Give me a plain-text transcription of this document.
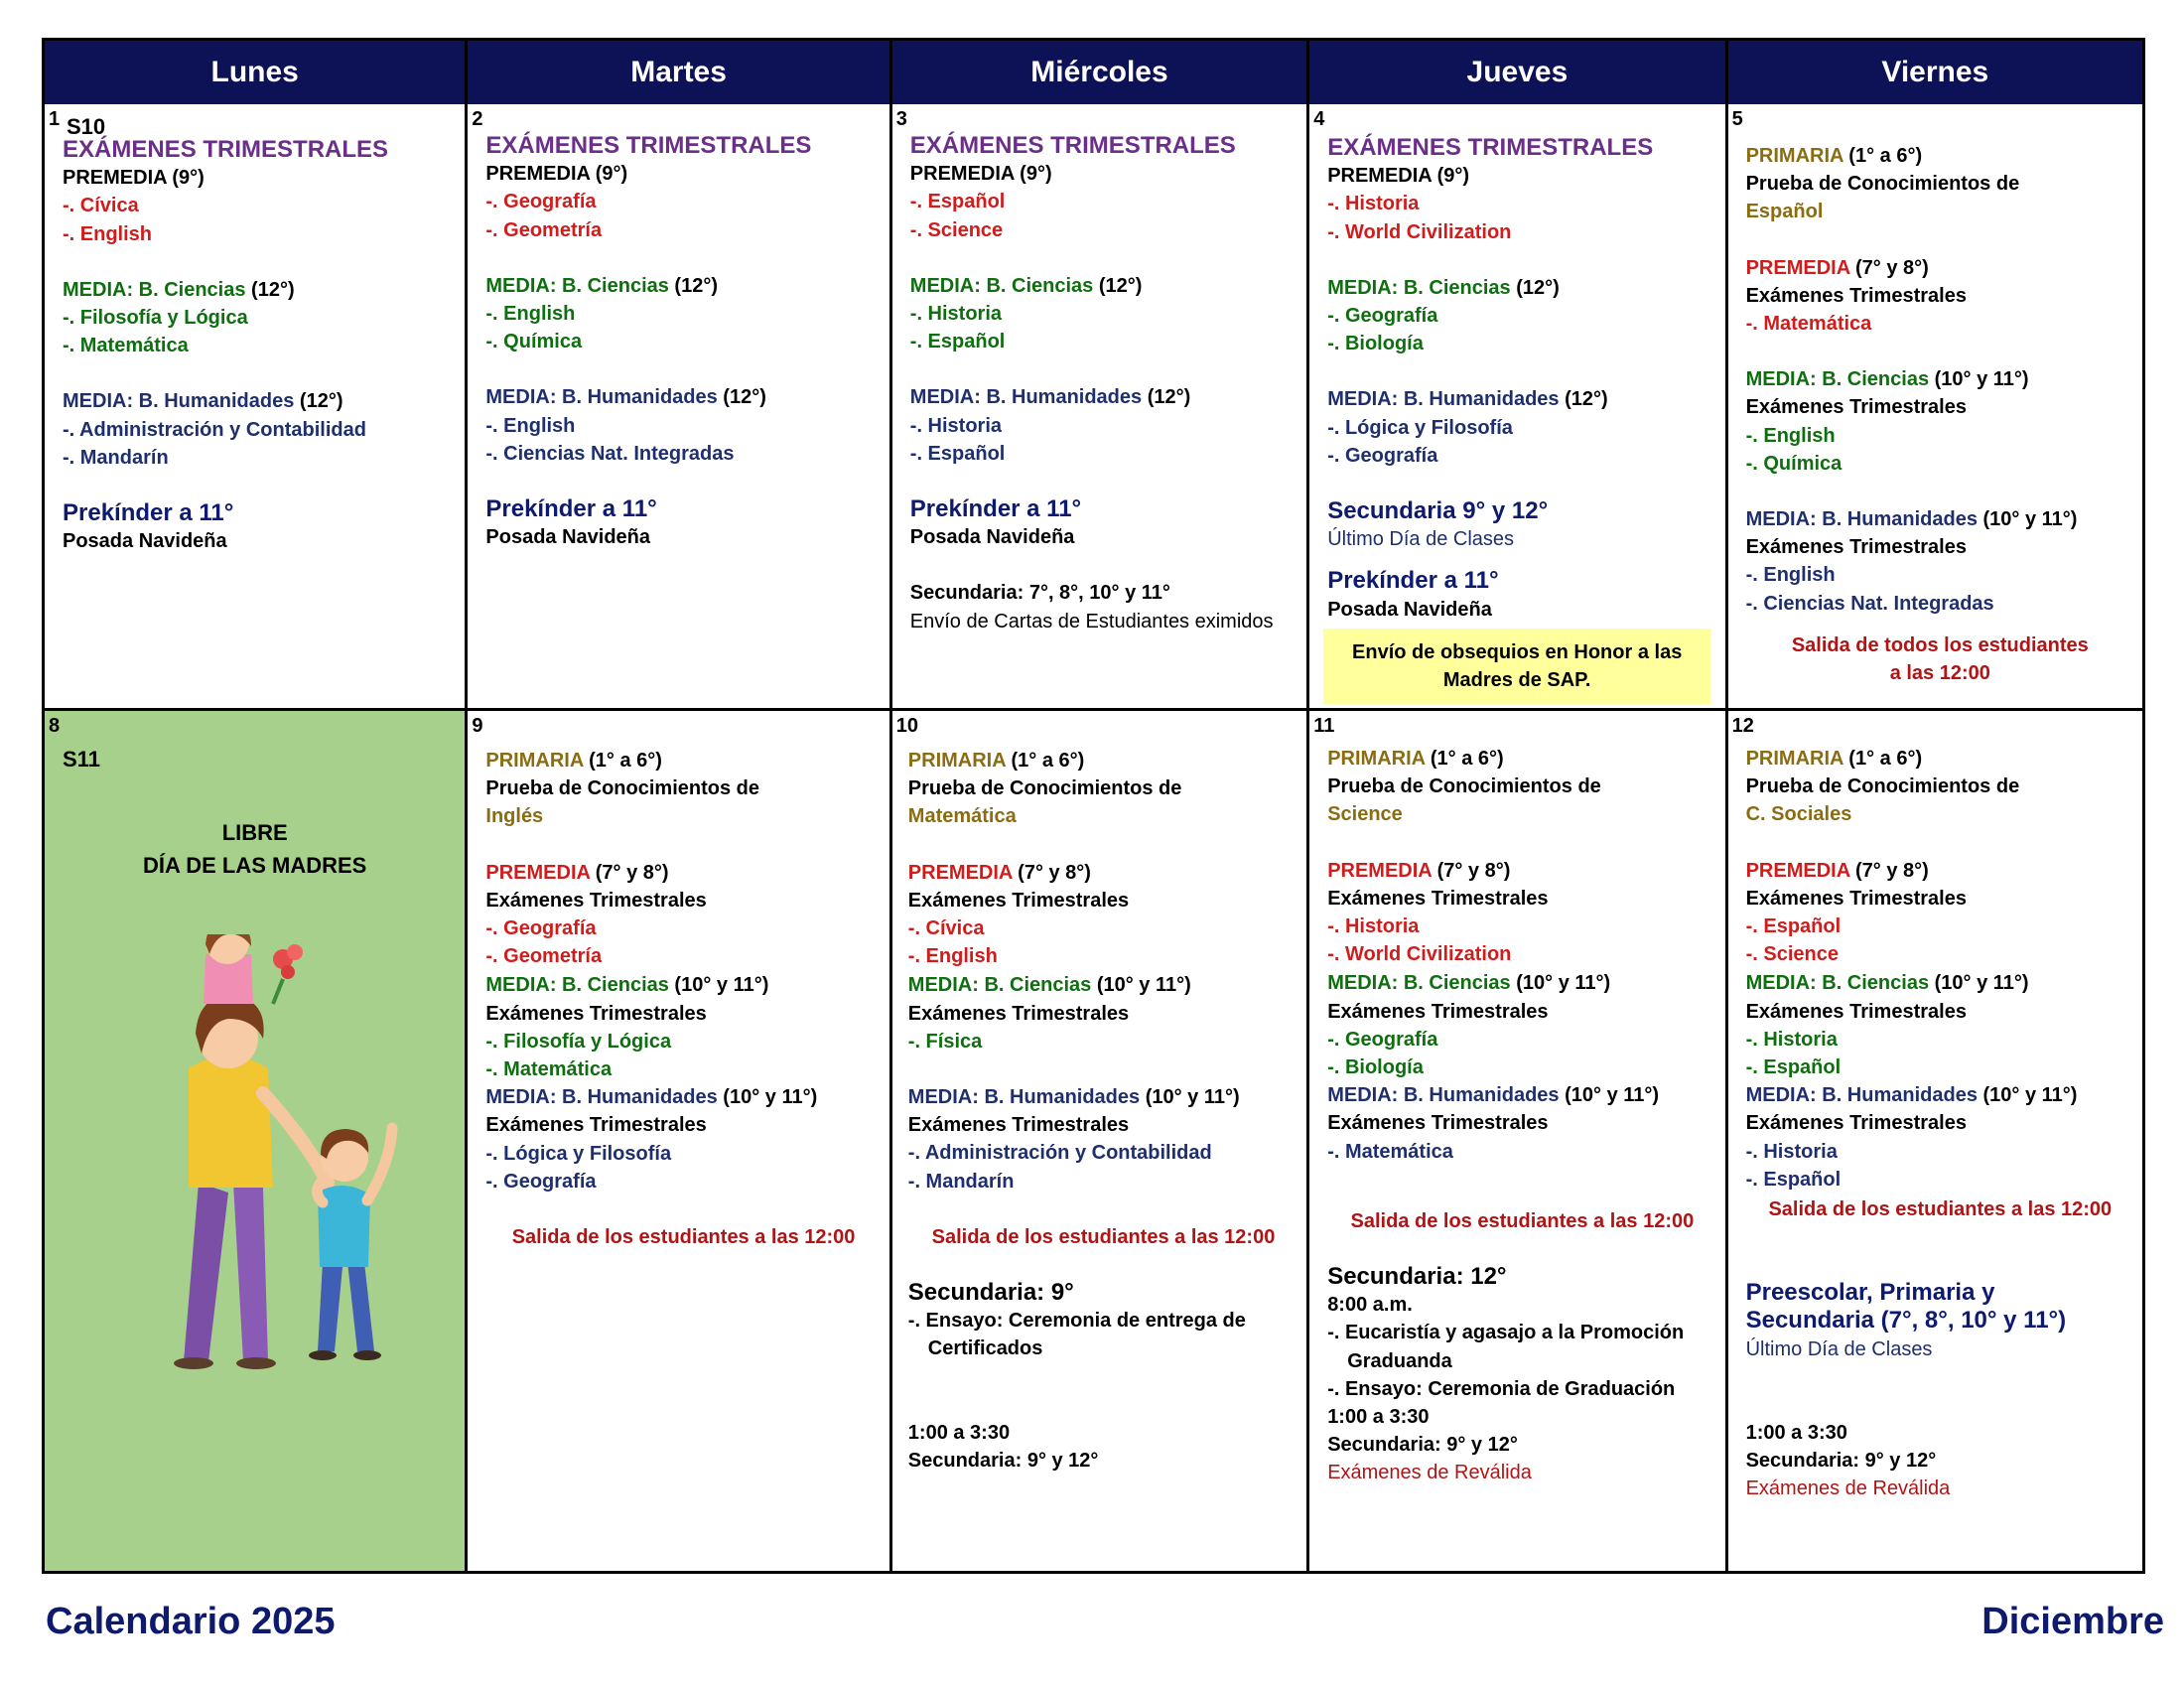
Lunes	Martes	Miércoles	Jueves	Viernes
1 S10
EXÁMENES TRIMESTRALES
PREMEDIA (9°)
-. Cívica
-. English
MEDIA: B. Ciencias (12°)
-. Filosofía y Lógica
-. Matemática
MEDIA: B. Humanidades (12°)
-. Administración y Contabilidad
-. Mandarín
Prekínder a 11°
Posada Navideña
2
EXÁMENES TRIMESTRALES
PREMEDIA (9°)
-. Geografía
-. Geometría
MEDIA: B. Ciencias (12°)
-. English
-. Química
MEDIA: B. Humanidades (12°)
-. English
-. Ciencias Nat. Integradas
Prekínder a 11°
Posada Navideña
3
EXÁMENES TRIMESTRALES
PREMEDIA (9°)
-. Español
-. Science
MEDIA: B. Ciencias (12°)
-. Historia
-. Español
MEDIA: B. Humanidades (12°)
-. Historia
-. Español
Prekínder a 11°
Posada Navideña
Secundaria: 7°, 8°, 10° y 11°
Envío de Cartas de Estudiantes eximidos
4
EXÁMENES TRIMESTRALES
PREMEDIA (9°)
-. Historia
-. World Civilization
MEDIA: B. Ciencias (12°)
-. Geografía
-. Biología
MEDIA: B. Humanidades (12°)
-. Lógica y Filosofía
-. Geografía
Secundaria 9° y 12°
Último Día de Clases
Prekínder a 11°
Posada Navideña
Envío de obsequios en Honor a las Madres de SAP.
5
PRIMARIA (1° a 6°)
Prueba de Conocimientos de
Español
PREMEDIA (7° y 8°)
Exámenes Trimestrales
-. Matemática
MEDIA: B. Ciencias (10° y 11°)
Exámenes Trimestrales
-. English
-. Química
MEDIA: B. Humanidades (10° y 11°)
Exámenes Trimestrales
-. English
-. Ciencias Nat. Integradas
Salida de todos los estudiantes
a las 12:00
8
S11
LIBRE
DÍA DE LAS MADRES
9
PRIMARIA (1° a 6°)
Prueba de Conocimientos de
Inglés
PREMEDIA (7° y 8°)
Exámenes Trimestrales
-. Geografía
-. Geometría
MEDIA: B. Ciencias (10° y 11°)
Exámenes Trimestrales
-. Filosofía y Lógica
-. Matemática
MEDIA: B. Humanidades (10° y 11°)
Exámenes Trimestrales
-. Lógica y Filosofía
-. Geografía
Salida de los estudiantes a las 12:00
10
PRIMARIA (1° a 6°)
Prueba de Conocimientos de
Matemática
PREMEDIA (7° y 8°)
Exámenes Trimestrales
-. Cívica
-. English
MEDIA: B. Ciencias (10° y 11°)
Exámenes Trimestrales
-. Física
MEDIA: B. Humanidades (10° y 11°)
Exámenes Trimestrales
-. Administración y Contabilidad
-. Mandarín
Salida de los estudiantes a las 12:00
Secundaria: 9°
-. Ensayo: Ceremonia de entrega de
Certificados
1:00 a 3:30
Secundaria: 9° y 12°
11
PRIMARIA (1° a 6°)
Prueba de Conocimientos de
Science
PREMEDIA (7° y 8°)
Exámenes Trimestrales
-. Historia
-. World Civilization
MEDIA: B. Ciencias (10° y 11°)
Exámenes Trimestrales
-. Geografía
-. Biología
MEDIA: B. Humanidades (10° y 11°)
Exámenes Trimestrales
-. Matemática
Salida de los estudiantes a las 12:00
Secundaria: 12°
8:00 a.m.
-. Eucaristía y agasajo a la Promoción
Graduanda
-. Ensayo: Ceremonia de Graduación
1:00 a 3:30
Secundaria: 9° y 12°
Exámenes de Reválida
12
PRIMARIA (1° a 6°)
Prueba de Conocimientos de
C. Sociales
PREMEDIA (7° y 8°)
Exámenes Trimestrales
-. Español
-. Science
MEDIA: B. Ciencias (10° y 11°)
Exámenes Trimestrales
-. Historia
-. Español
MEDIA: B. Humanidades (10° y 11°)
Exámenes Trimestrales
-. Historia
-. Español
Salida de los estudiantes a las 12:00
Preescolar, Primaria y
Secundaria (7°, 8°, 10° y 11°)
Último Día de Clases
1:00 a 3:30
Secundaria: 9° y 12°
Exámenes de Reválida
Calendario 2025	Diciembre
